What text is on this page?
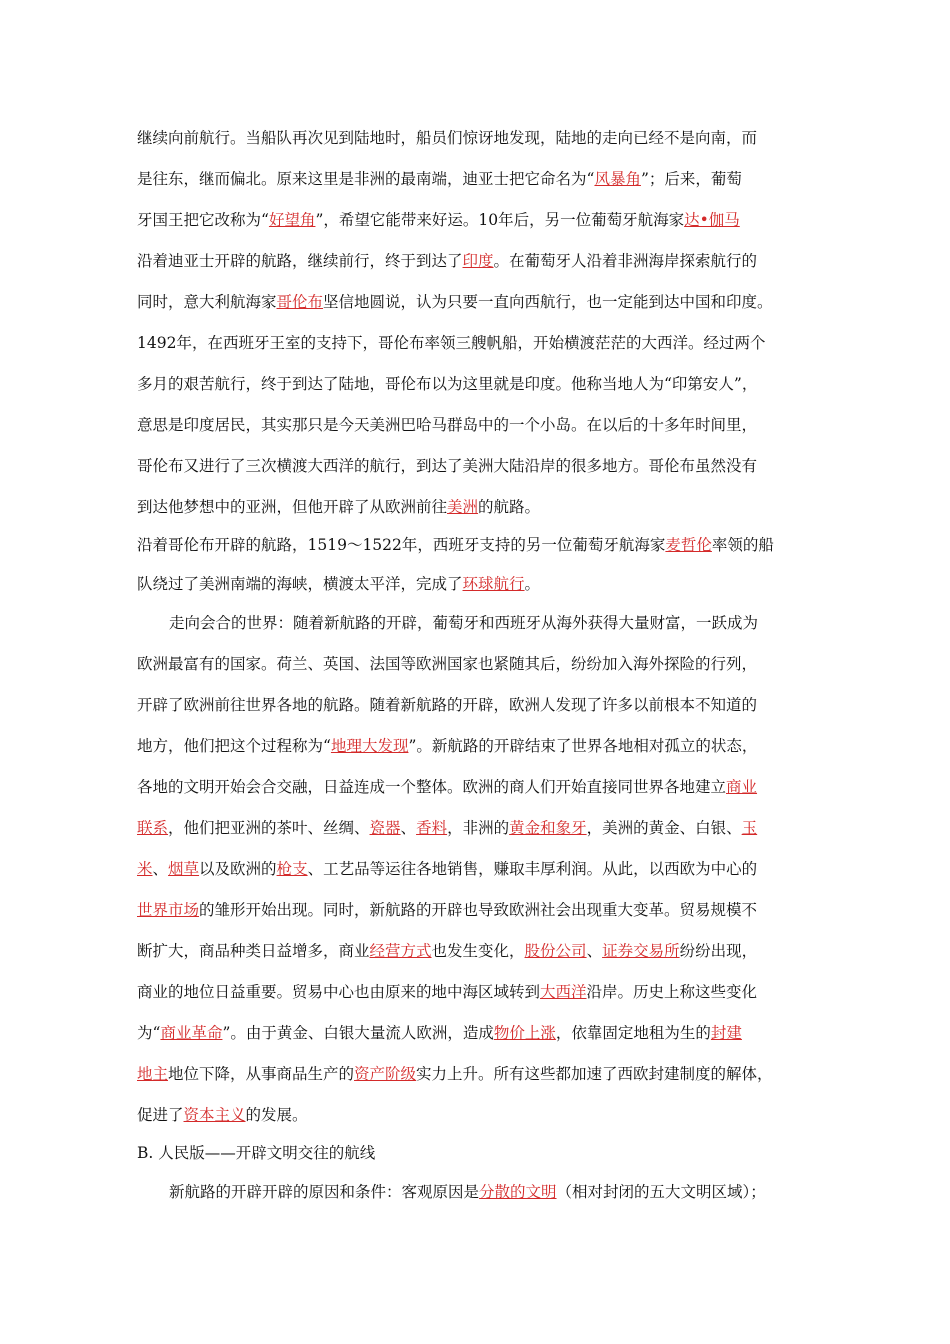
继续向前航行。当船队再次见到陆地时，船员们惊讶地发现，陆地的走向已经不是向南，而
是往东，继而偏北。原来这里是非洲的最南端，迪亚士把它命名为“风暴角”；后来，葡萄
牙国王把它改称为“好望角”，希望它能带来好运。10年后，另一位葡萄牙航海家达•伽马
沿着迪亚士开辟的航路，继续前行，终于到达了印度。在葡萄牙人沿着非洲海岸探索航行的
同时，意大利航海家哥伦布坚信地圆说，认为只要一直向西航行，也一定能到达中国和印度。
1492年，在西班牙王室的支持下，哥伦布率领三艘帆船，开始横渡茫茫的大西洋。经过两个
多月的艰苦航行，终于到达了陆地，哥伦布以为这里就是印度。他称当地人为“印第安人”，
意思是印度居民，其实那只是今天美洲巴哈马群岛中的一个小岛。在以后的十多年时间里，
哥伦布又进行了三次横渡大西洋的航行，到达了美洲大陆沿岸的很多地方。哥伦布虽然没有
到达他梦想中的亚洲，但他开辟了从欧洲前往美洲的航路。
沿着哥伦布开辟的航路，1519～1522年，西班牙支持的另一位葡萄牙航海家麦哲伦率领的船
队绕过了美洲南端的海峡，横渡太平洋，完成了环球航行。
走向会合的世界：随着新航路的开辟，葡萄牙和西班牙从海外获得大量财富，一跃成为
欧洲最富有的国家。荷兰、英国、法国等欧洲国家也紧随其后，纷纷加入海外探险的行列，
开辟了欧洲前往世界各地的航路。随着新航路的开辟，欧洲人发现了许多以前根本不知道的
地方，他们把这个过程称为“地理大发现”。新航路的开辟结束了世界各地相对孤立的状态，
各地的文明开始会合交融，日益连成一个整体。欧洲的商人们开始直接同世界各地建立商业
联系，他们把亚洲的茶叶、丝绸、瓷器、香料，非洲的黄金和象牙，美洲的黄金、白银、玉
米、烟草以及欧洲的枪支、工艺品等运往各地销售，赚取丰厚利润。从此，以西欧为中心的
世界市场的雏形开始出现。同时，新航路的开辟也导致欧洲社会出现重大变革。贸易规模不
断扩大，商品种类日益增多，商业经营方式也发生变化，股份公司、证券交易所纷纷出现，
商业的地位日益重要。贸易中心也由原来的地中海区域转到大西洋沿岸。历史上称这些变化
为“商业革命”。由于黄金、白银大量流人欧洲，造成物价上涨，依靠固定地租为生的封建
地主地位下降，从事商品生产的资产阶级实力上升。所有这些都加速了西欧封建制度的解体，
促进了资本主义的发展。
B. 人民版——开辟文明交往的航线
新航路的开辟开辟的原因和条件：客观原因是分散的文明（相对封闭的五大文明区域）；
